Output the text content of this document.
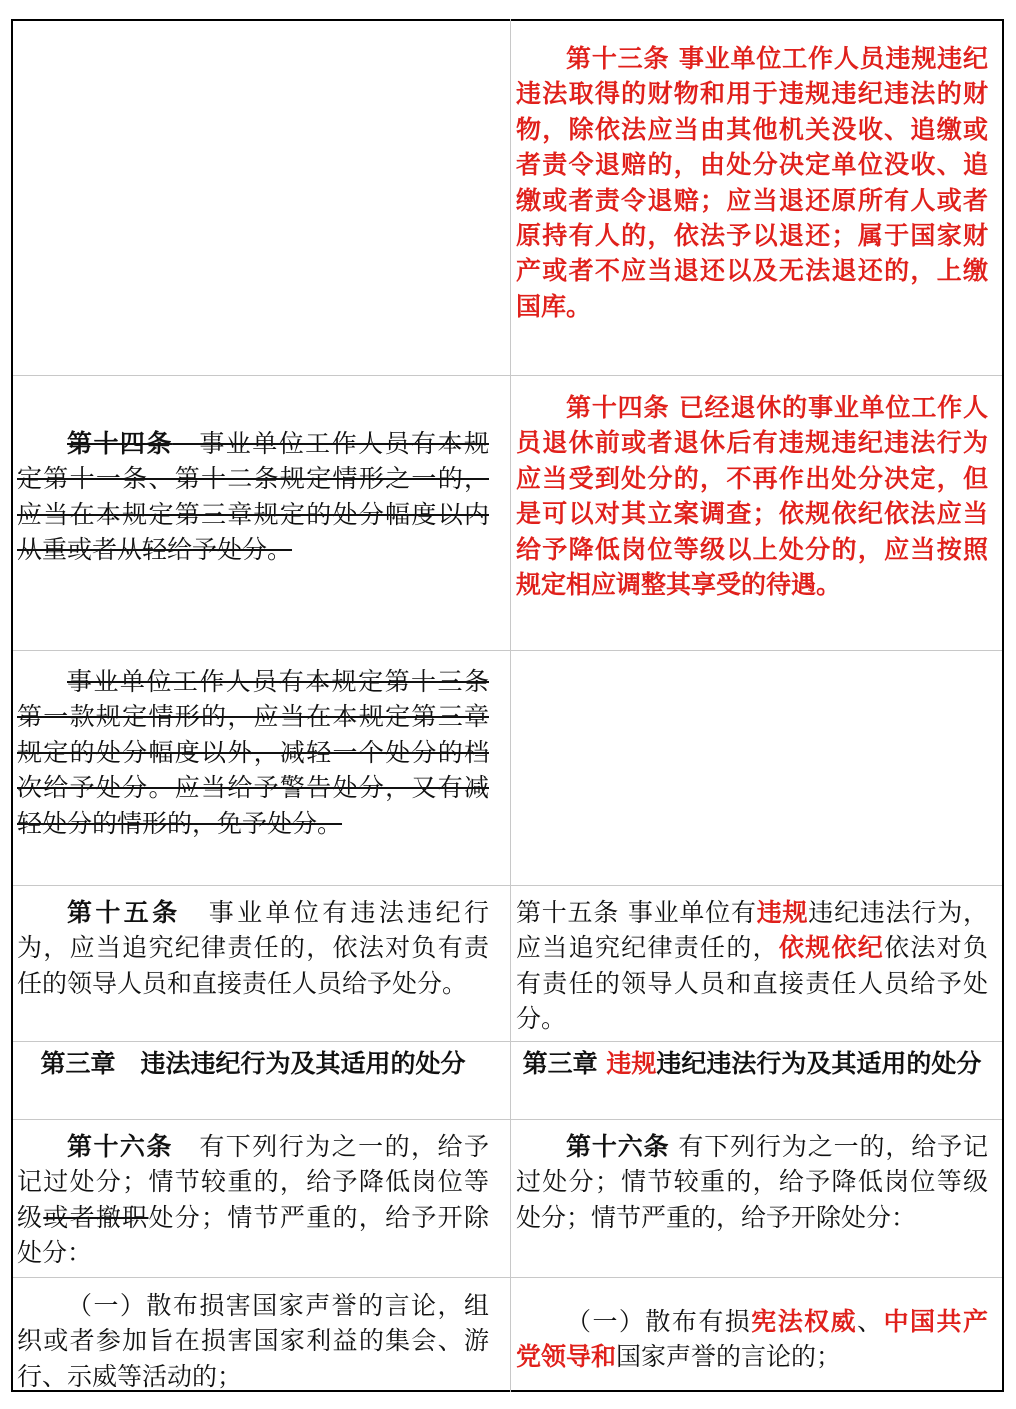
第十三条 事业单位工作人员违规违纪违法取得的财物和用于违规违纪违法的财物，除依法应当由其他机关没收、追缴或者责令退赔的，由处分决定单位没收、追缴或者责令退赔；应当退还原所有人或者原持有人的，依法予以退还；属于国家财产或者不应当退还以及无法退还的，上缴国库。
第十四条　事业单位工作人员有本规定第十一条、第十二条规定情形之一的，应当在本规定第三章规定的处分幅度以内从重或者从轻给予处分。
第十四条 已经退休的事业单位工作人员退休前或者退休后有违规违纪违法行为应当受到处分的，不再作出处分决定，但是可以对其立案调查；依规依纪依法应当给予降低岗位等级以上处分的，应当按照规定相应调整其享受的待遇。
事业单位工作人员有本规定第十三条第一款规定情形的，应当在本规定第三章规定的处分幅度以外，减轻一个处分的档次给予处分。应当给予警告处分，又有减轻处分的情形的，免予处分。
第十五条　事业单位有违法违纪行为，应当追究纪律责任的，依法对负有责任的领导人员和直接责任人员给予处分。
第十五条 事业单位有违规违纪违法行为，应当追究纪律责任的，依规依纪依法对负有责任的领导人员和直接责任人员给予处分。
第三章　违法违纪行为及其适用的处分	第三章 违规违纪违法行为及其适用的处分
第十六条　有下列行为之一的，给予记过处分；情节较重的，给予降低岗位等级或者撤职处分；情节严重的，给予开除处分：
第十六条 有下列行为之一的，给予记过处分；情节较重的，给予降低岗位等级处分；情节严重的，给予开除处分：
（一）散布损害国家声誉的言论，组织或者参加旨在损害国家利益的集会、游行、示威等活动的；
（一）散布有损宪法权威、中国共产党领导和国家声誉的言论的；
